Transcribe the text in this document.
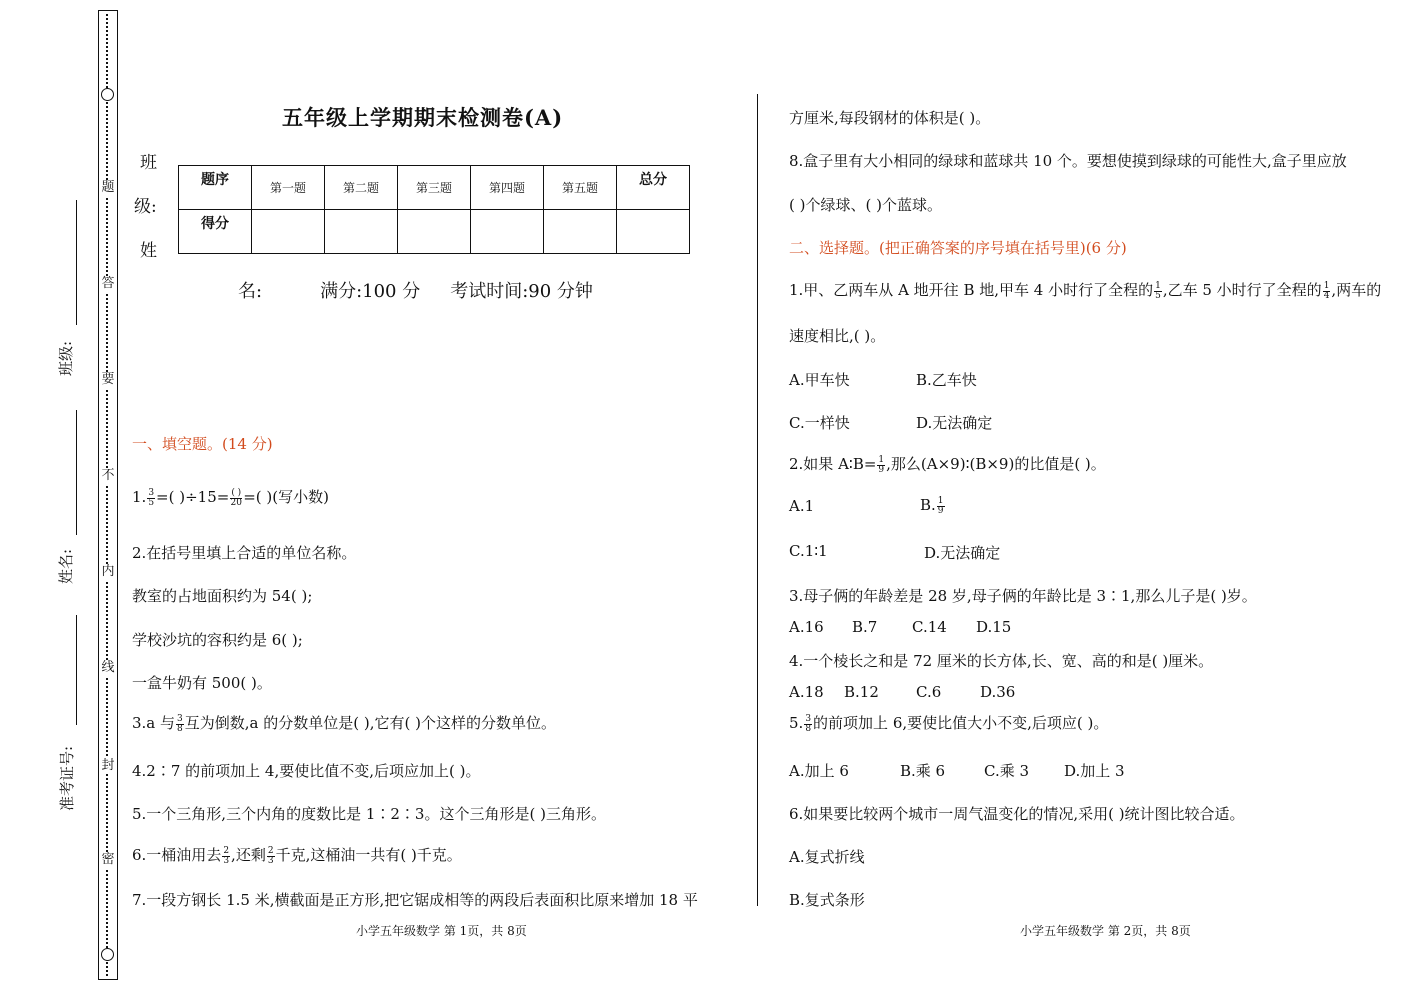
题
答
要
不
内
线
封
密
班级:
姓名:
准考证号:
五年级上学期期末检测卷(A)
班
级:
姓
题序	第一题	第二题	第三题	第四题	第五题	总分
得分						
名:	满分:100 分 考试时间:90 分钟
一、填空题。(14 分)
1. $\frac{3}{5}$ =( )$\div 15= \frac{( )}{20}$ =( )(写小数)
2.在括号里填上合适的单位名称。
教室的占地面积约为 54( );
学校沙坑的容积约是 6( );
一盒牛奶有 500( )。
3.a 与 $\frac{3}{8}$ 互为倒数,a 的分数单位是( ),它有( )个这样的分数单位。
4.2∶7 的前项加上 4,要使比值不变,后项应加上( )。
5.一个三角形,三个内角的度数比是 1∶2∶3。这个三角形是( )三角形。
6.一桶油用去 $\frac{2}{3}$ ,还剩 $\frac{2}{3}$ 千克,这桶油一共有( )千克。
7.一段方钢长 1.5 米,横截面是正方形,把它锯成相等的两段后表面积比原来增加 18 平
小学五年级数学 第 1页，共 8页
方厘米,每段钢材的体积是( )。
8.盒子里有大小相同的绿球和蓝球共 10 个。要想使摸到绿球的可能性大,盒子里应放
( )个绿球、( )个蓝球。
二、选择题。(把正确答案的序号填在括号里)(6 分)
1.甲、乙两车从 A 地开往 B 地,甲车 4 小时行了全程的 $\frac{1}{5}$ ,乙车 5 小时行了全程的 $\frac{1}{4}$ ,两车的
速度相比,( )。
A.甲车快	B.乙车快
C.一样快	D.无法确定
2.如果 A∶B= $\frac{1}{9}$ ,那么(A×9)∶(B×9)的比值是( )。
A.1	B. $\frac{1}{9}$
C.1∶1	D.无法确定
3.母子俩的年龄差是 28 岁,母子俩的年龄比是 3∶1,那么儿子是( )岁。
A.16 B.7 C.14 D.15
4.一个棱长之和是 72 厘米的长方体,长、宽、高的和是( )厘米。
A.18 B.12 C.6	D.36
5. $\frac{3}{8}$ 的前项加上 6,要使比值大小不变,后项应( )。
A.加上 6	B.乘 6	C.乘 3 D.加上 3
6.如果要比较两个城市一周气温变化的情况,采用( )统计图比较合适。
A.复式折线
B.复式条形
小学五年级数学 第 2页，共 8页
